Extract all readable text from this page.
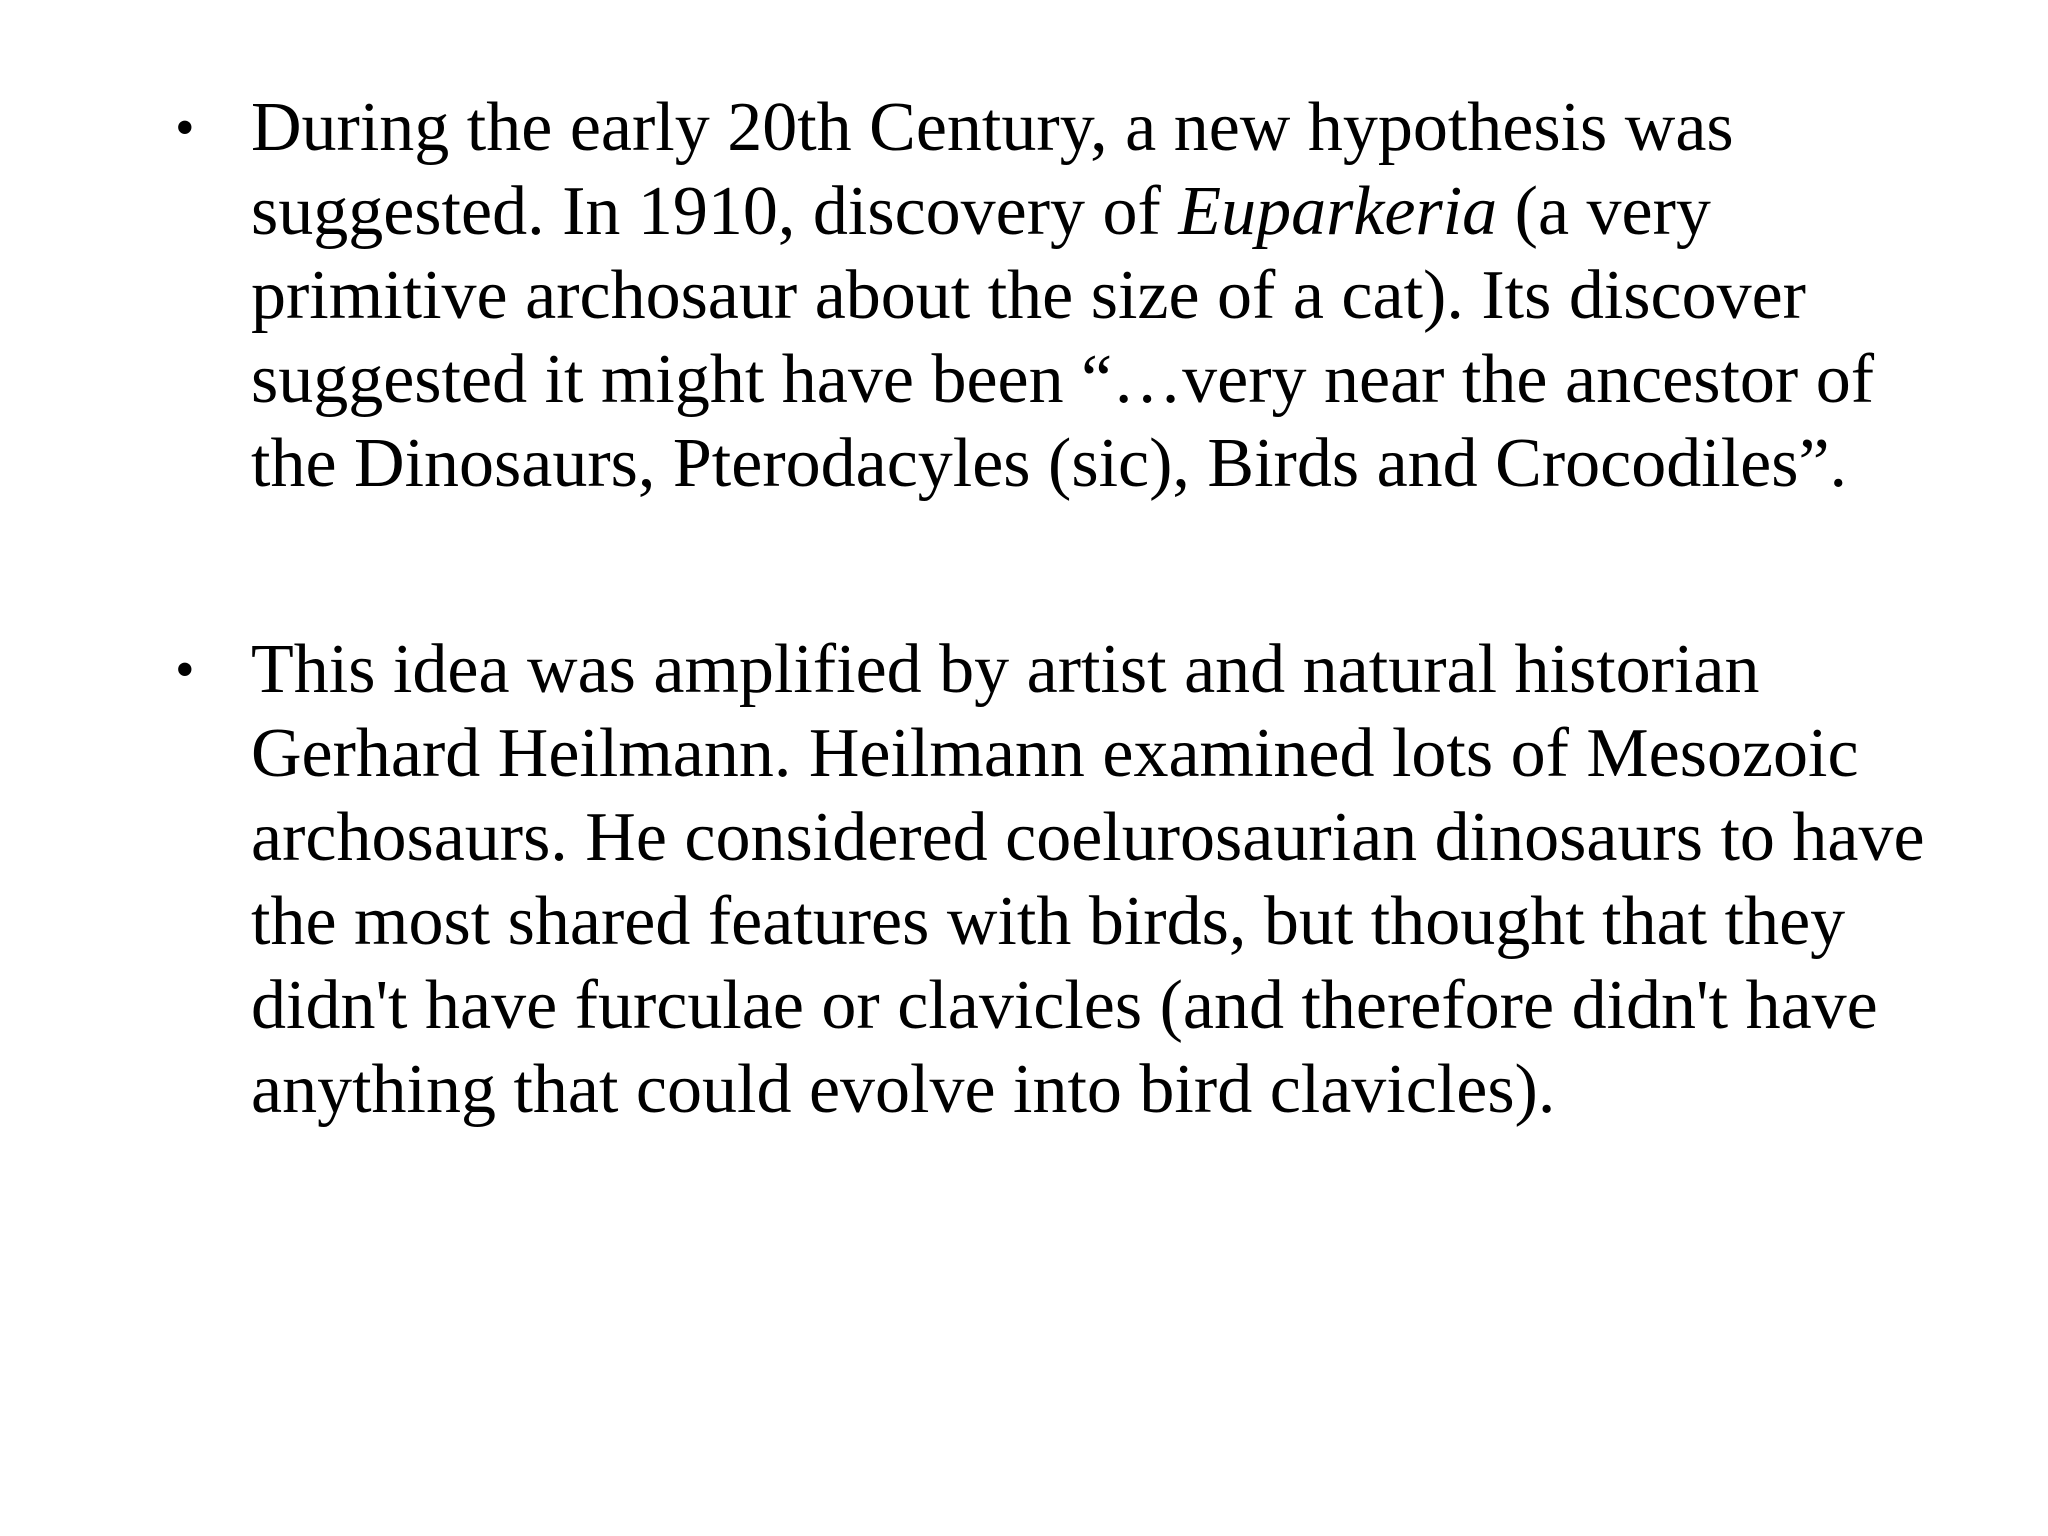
• During the early 20th Century, a new hypothesis was suggested. In 1910, discovery of Euparkeria (a very primitive archosaur about the size of a cat). Its discover suggested it might have been “…very near the ancestor of the Dinosaurs, Pterodacyles (sic), Birds and Crocodiles”.
• This idea was amplified by artist and natural historian Gerhard Heilmann. Heilmann examined lots of Mesozoic archosaurs. He considered coelurosaurian dinosaurs to have the most shared features with birds, but thought that they didn't have furculae or clavicles (and therefore didn't have anything that could evolve into bird clavicles).
